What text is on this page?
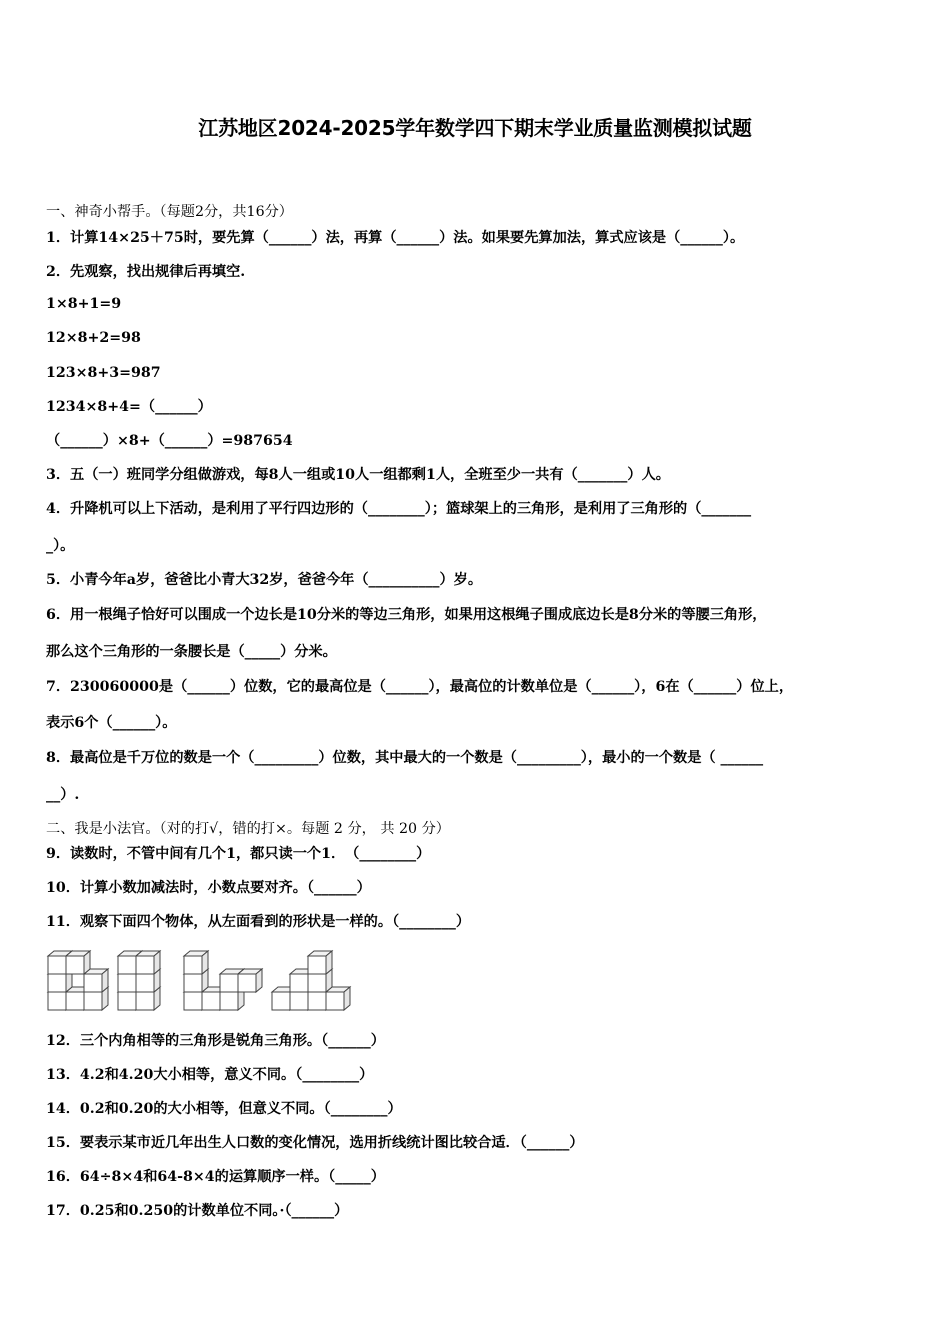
江苏地区2024-2025学年数学四下期末学业质量监测模拟试题
一、神奇小帮手。（每题2分，共16分）
1．计算14×25＋75时，要先算（______）法，再算（______）法。如果要先算加法，算式应该是（______）。
2．先观察，找出规律后再填空.
1×8+1=9
12×8+2=98
123×8+3=987
1234×8+4=（______）
（______）×8+（______）=987654
3．五（一）班同学分组做游戏，每8人一组或10人一组都剩1人，全班至少一共有（_______）人。
4．升降机可以上下活动，是利用了平行四边形的（________）；篮球架上的三角形，是利用了三角形的（_______
_）。
5．小青今年a岁，爸爸比小青大32岁，爸爸今年（__________）岁。
6．用一根绳子恰好可以围成一个边长是10分米的等边三角形，如果用这根绳子围成底边长是8分米的等腰三角形，
那么这个三角形的一条腰长是（_____）分米。
7．230060000是（______）位数，它的最高位是（______），最高位的计数单位是（______），6在（______）位上，
表示6个（______）。
8．最高位是千万位的数是一个（_________）位数，其中最大的一个数是（_________），最小的一个数是（ ______
__）.
二、我是小法官。（对的打√，错的打×。每题 2 分， 共 20 分）
9．读数时，不管中间有几个1，都只读一个1．　（________）
10．计算小数加减法时，小数点要对齐。（______）
11．观察下面四个物体，从左面看到的形状是一样的。（________）
12．三个内角相等的三角形是锐角三角形。（______）
13．4.2和4.20大小相等，意义不同。（________）
14．0.2和0.20的大小相等，但意义不同。（________）
15．要表示某市近几年出生人口数的变化情况，选用折线统计图比较合适．（______）
16．64÷8×4和64-8×4的运算顺序一样。（_____）
17．0.25和0.250的计数单位不同。·（______）
